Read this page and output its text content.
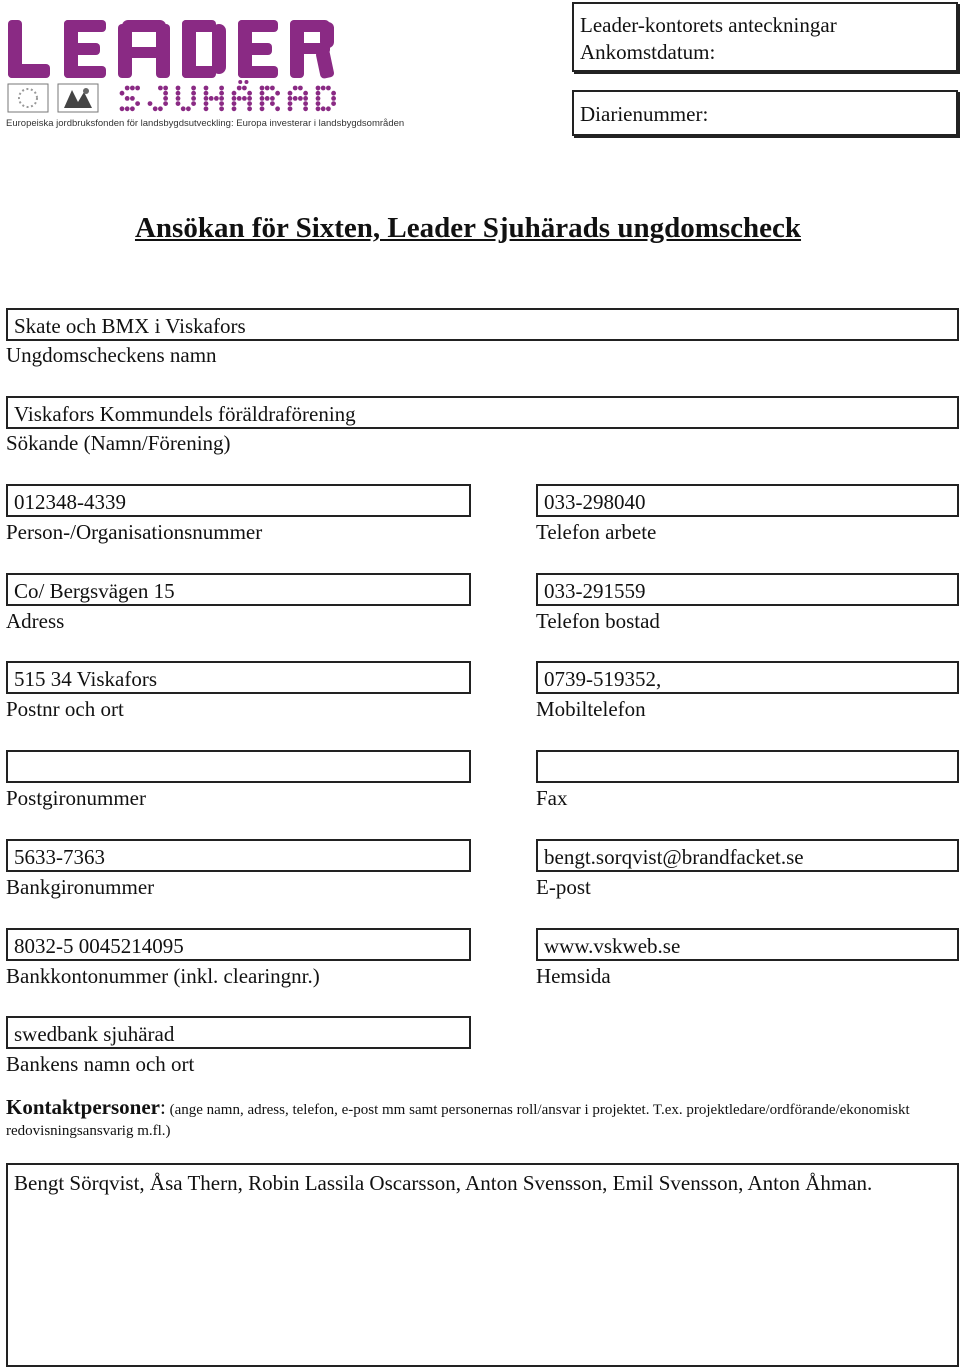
Europeiska jordbruksfonden för landsbygdsutveckling: Europa investerar i landsbygdsområden
Leader-kontorets anteckningar
Ankomstdatum:
Diarienummer:
Ansökan för Sixten, Leader Sjuhärads ungdomscheck
Skate och BMX i Viskafors
Ungdomscheckens namn
Viskafors Kommundels föräldraförening
Sökande (Namn/Förening)
012348-4339
Person-/Organisationsnummer
Co/ Bergsvägen 15
Adress
515 34 Viskafors
Postnr och ort
Postgironummer
5633-7363
Bankgironummer
8032-5 0045214095
Bankkontonummer (inkl. clearingnr.)
swedbank sjuhärad
Bankens namn och ort
033-298040
Telefon arbete
033-291559
Telefon bostad
0739-519352,
Mobiltelefon
Fax
bengt.sorqvist@brandfacket.se
E-post
www.vskweb.se
Hemsida
Kontaktpersoner: (ange namn, adress, telefon, e-post mm samt personernas roll/ansvar i projektet. T.ex. projektledare/ordförande/ekonomiskt redovisningsansvarig m.fl.)
Bengt Sörqvist, Åsa Thern, Robin Lassila Oscarsson, Anton Svensson, Emil Svensson, Anton Åhman.
